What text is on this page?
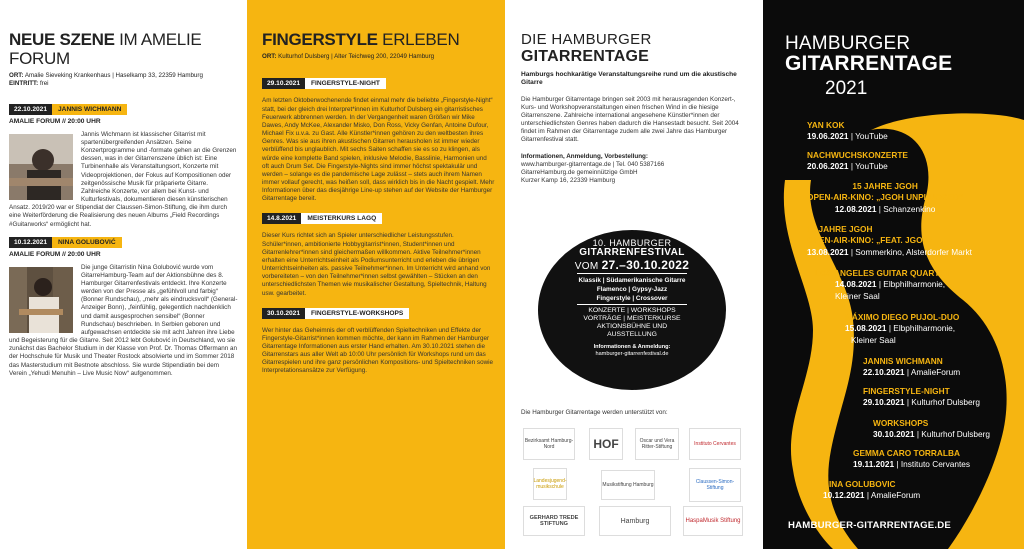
NEUE SZENE IM AMELIE FORUM
ORT: Amalie Sieveking Krankenhaus | Haselkamp 33, 22359 Hamburg
EINTRITT: frei
22.10.2021	JANNIS WICHMANN
AMALIE FORUM // 20:00 UHR
Jannis Wichmann ist klassischer Gitarrist mit spartenübergreifenden Ansätzen. Seine Konzertprogramme und -formate gehen an die Grenzen dessen, was in der Gitarrenszene üblich ist: Eine Turbinenhalle als Veranstaltungsort, Konzerte mit Videoprojektionen, der Fokus auf Kompositionen oder zeitgenössische Musik für präparierte Gitarre. Zahlreiche Konzerte, vor allem bei Kunst- und Kulturfestivals, dokumentieren diesen künstlerischen Ansatz. 2019/20 war er Stipendiat der Claussen-Simon-Stiftung, die ihm durch eine Weiterförderung die Realisierung des neuen Albums „Field Recordings #Guitarworks“ ermöglicht hat.
10.12.2021	NINA GOLUBOVIĆ
AMALIE FORUM // 20:00 UHR
Die junge Gitarristin Nina Golubović wurde vom GitarreHamburg-Team auf der Aktionsbühne des 8. Hamburger Gitarrenfestivals entdeckt. Ihre Konzerte werden von der Presse als „gefühlvoll und farbig“ (Bonner Rundschau), „mehr als eindrucksvoll“ (General-Anzeiger Bonn), „feinfühlig, gelegentlich nachdenklich und damit ausgesprochen sensibel“ (Bonner Rundschau) beschrieben. In Serbien geboren und aufgewachsen entdeckte sie mit acht Jahren ihre Liebe und Begeisterung für die Gitarre. Seit 2012 lebt Golubović in Deutschland, wo sie zunächst das Bachelor Studium in der Klasse von Prof. Dr. Thomas Offermann an der Hochschule für Musik und Theater Rostock absolvierte und im Sommer 2018 das Masterstudium mit Bestnote abschloss. Sie wurde Stipendiatin bei dem Verein „Yehudi Menuhin – Live Music Now“ aufgenommen.
FINGERSTYLE ERLEBEN
ORT: Kulturhof Dulsberg | Alter Teichweg 200, 22049 Hamburg
29.10.2021	FINGERSTYLE-NIGHT
Am letzten Oktoberwochenende findet einmal mehr die beliebte „Fingerstyle-Night“ statt, bei der gleich drei Interpret*innen im Kulturhof Dulsberg ein gitarristisches Feuerwerk abbrennen werden. In der Vergangenheit waren Größen wir Mike Dawes, Andy McKee, Alexander Misko, Don Ross, Vicky Genfan, Antoine Dufour, Michael Fix u.v.a. zu Gast. Alle Künstler*innen gehören zu den weltbesten ihres Genres. Was sie aus ihren akustischen Gitarren herausholen ist immer wieder verblüffend bis unglaublich. Mit sechs Saiten schaffen sie es so zu klingen, als würde eine komplette Band spielen, inklusive Melodie, Basslinie, Harmonien und oft auch Drum Set. Die Fingerstyle-Nights sind immer höchst spektakulär und werden – solange es die pandemische Lage zulässt – stets auch ihrem Namen immer vollauf gerecht, was heißen soll, dass wirklich bis in die Nacht gespielt. Mehr Informationen über das diesjährige Line-up stehen auf der Website der Hamburger Gitarrentage bereit.
14.8.2021	MEISTERKURS LAGQ
Dieser Kurs richtet sich an Spieler unterschiedlicher Leistungsstufen. Schüler*innen, ambitionierte Hobbygitarrist*innen, Student*innen und Gitarrenlehrer*innen sind gleichermaßen willkommen. Aktive Teilnehmer*innen erhalten eine Unterrichtseinheit als Podiumsunterricht und erleben die übrigen Unterrichtseinheiten als. passive Teilnehmer*innen. Im Unterricht wird anhand von vorbereiteten – von den Teilnehmer*innen selbst gewählten – Stücken an den unterschiedlichsten Themen wie musikalischer Gestaltung, Spieltechnik, Haltung usw. gearbeitet.
30.10.2021	FINGERSTYLE-WORKSHOPS
Wer hinter das Geheimnis der oft verblüffenden Spieltechniken und Effekte der Fingerstyle-Gitarrist*innen kommen möchte, der kann im Rahmen der Hamburger Gitarrentage Informationen aus erster Hand erhalten. Am 30.10.2021 stehen die Gitarrenstars aus aller Welt ab 10:00 Uhr persönlich für Workshops rund um das Gitarrespielen und ihre ganz persönlichen Kompositions- und Spieltechniken sowie Interpretationsansätze zur Verfügung.
DIE HAMBURGER
GITARRENTAGE
Hamburgs hochkarätige Veranstaltungsreihe rund um die akustische Gitarre
Die Hamburger Gitarrentage bringen seit 2003 mit herausragenden Konzert-, Kurs- und Workshopveranstaltungen einen frischen Wind in die hiesige Gitarrenszene. Zahlreiche international angesehene Künstler*innen der unterschiedlichsten Genres haben dadurch die Hansestadt besucht. Seit 2004 findet im Rahmen der Gitarrentage zudem alle zwei Jahre das Hamburger Gitarrenfestival statt.
Informationen, Anmeldung, Vorbestellung:
www.hamburger-gitarrentage.de | Tel. 040 5387166
GitarreHamburg.de gemeinnützige GmbH
Kurzer Kamp 16, 22339 Hamburg
10. HAMBURGER
GITARRENFESTIVAL
VOM 27.–30.10.2022
Klassik | Südamerikanische Gitarre
Flamenco | Gypsy-Jazz
Fingerstyle | Crossover
KONZERTE | WORKSHOPS
VORTRÄGE | MEISTERKURSE
AKTIONSBÜHNE UND
AUSSTELLUNG
Informationen & Anmeldung:
hamburger-gitarrenfestival.de
Die Hamburger Gitarrentage werden unterstützt von:
Bezirksamt Hamburg-Nord	HOF	Oscar und Vera Ritter-Stiftung	Instituto Cervantes
Landesjugend-musikschule	Musikstiftung Hamburg	Claussen-Simon-Stiftung
GERHARD TREDE STIFTUNG	Hamburg	HaspaMusik Stiftung
HAMBURGER
GITARRENTAGE
2021
YAN KOK
19.06.2021 | YouTube
NACHWUCHSKONZERTE
20.06.2021 | YouTube
15 JAHRE JGOH
OPEN-AIR-KINO: „JGOH UNPLUGGED“
12.08.2021 | Schanzenkino
15 JAHRE JGOH
OPEN-AIR-KINO: „FEAT. JGOH“
13.08.2021 | Sommerkino, Alsterdorfer Markt
LOS ANGELES GUITAR QUARTET
14.08.2021 | Elbphilharmonie,
Kleiner Saal
MÁXIMO DIEGO PUJOL-DUO
15.08.2021 | Elbphilharmonie,
Kleiner Saal
JANNIS WICHMANN
22.10.2021 | AmalieForum
FINGERSTYLE-NIGHT
29.10.2021 | Kulturhof Dulsberg
WORKSHOPS
30.10.2021 | Kulturhof Dulsberg
GEMMA CARO TORRALBA
19.11.2021 | Instituto Cervantes
NINA GOLUBOVIC
10.12.2021 | AmalieForum
HAMBURGER-GITARRENTAGE.DE
